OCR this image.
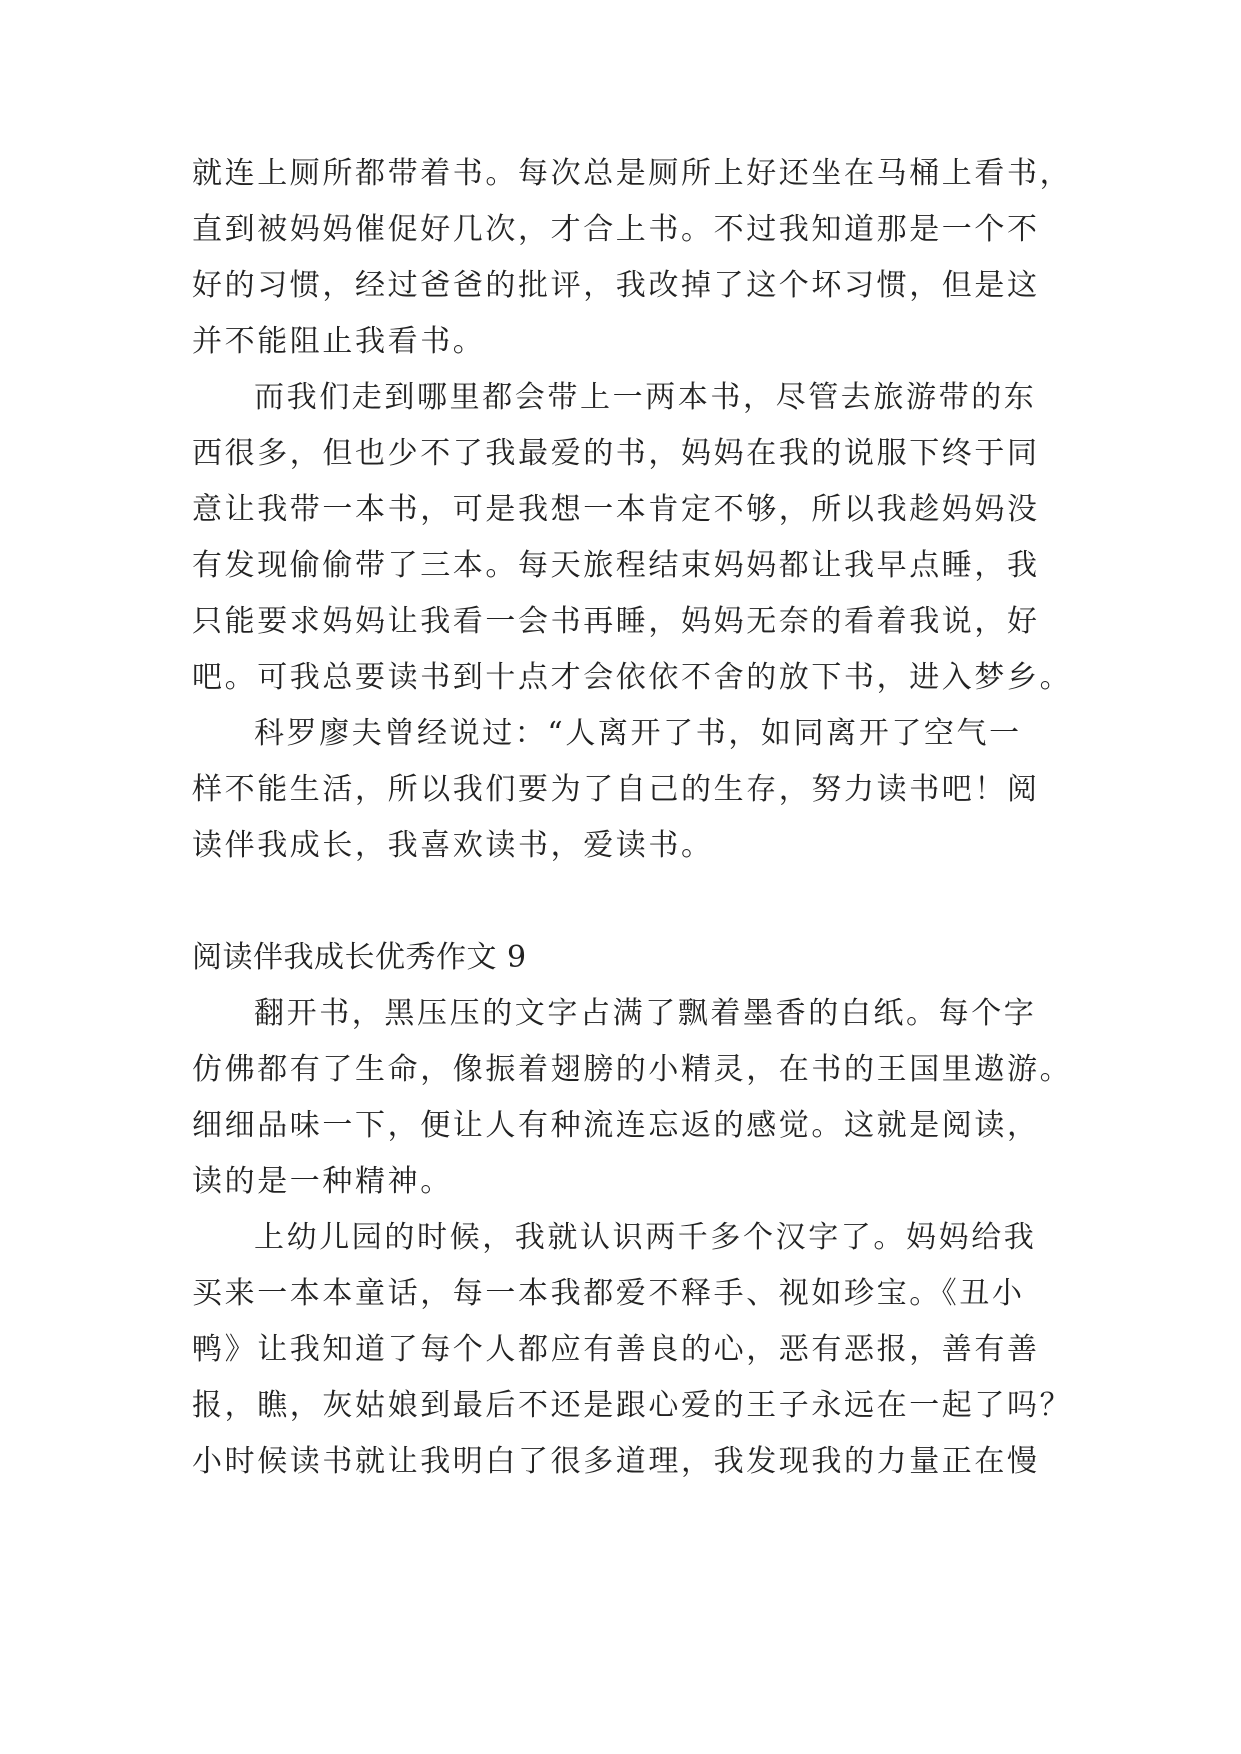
就连上厕所都带着书。每次总是厕所上好还坐在马桶上看书，
直到被妈妈催促好几次，才合上书。不过我知道那是一个不
好的习惯，经过爸爸的批评，我改掉了这个坏习惯，但是这
并不能阻止我看书。
而我们走到哪里都会带上一两本书，尽管去旅游带的东
西很多，但也少不了我最爱的书，妈妈在我的说服下终于同
意让我带一本书，可是我想一本肯定不够，所以我趁妈妈没
有发现偷偷带了三本。每天旅程结束妈妈都让我早点睡，我
只能要求妈妈让我看一会书再睡，妈妈无奈的看着我说，好
吧。可我总要读书到十点才会依依不舍的放下书，进入梦乡。
科罗廖夫曾经说过：“人离开了书，如同离开了空气一
样不能生活，所以我们要为了自己的生存，努力读书吧！阅
读伴我成长，我喜欢读书，爱读书。
阅读伴我成长优秀作文 9
翻开书，黑压压的文字占满了飘着墨香的白纸。每个字
仿佛都有了生命，像振着翅膀的小精灵，在书的王国里遨游。
细细品味一下，便让人有种流连忘返的感觉。这就是阅读，
读的是一种精神。
上幼儿园的时候，我就认识两千多个汉字了。妈妈给我
买来一本本童话，每一本我都爱不释手、视如珍宝。《丑小
鸭》让我知道了每个人都应有善良的心，恶有恶报，善有善
报，瞧，灰姑娘到最后不还是跟心爱的王子永远在一起了吗？
小时候读书就让我明白了很多道理，我发现我的力量正在慢
